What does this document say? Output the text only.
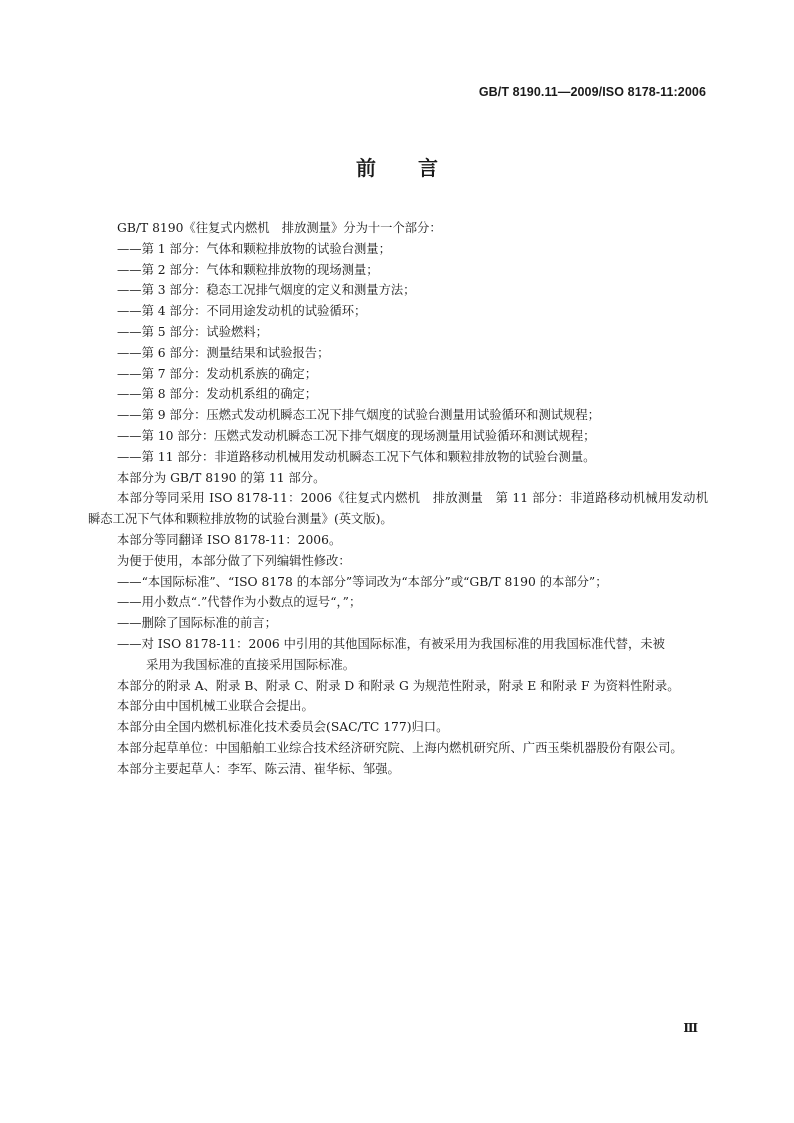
GB/T 8190.11—2009/ISO 8178-11:2006
前 言
GB/T 8190《往复式内燃机　排放测量》分为十一个部分：
——第 1 部分：气体和颗粒排放物的试验台测量；
——第 2 部分：气体和颗粒排放物的现场测量；
——第 3 部分：稳态工况排气烟度的定义和测量方法；
——第 4 部分：不同用途发动机的试验循环；
——第 5 部分：试验燃料；
——第 6 部分：测量结果和试验报告；
——第 7 部分：发动机系族的确定；
——第 8 部分：发动机系组的确定；
——第 9 部分：压燃式发动机瞬态工况下排气烟度的试验台测量用试验循环和测试规程；
——第 10 部分：压燃式发动机瞬态工况下排气烟度的现场测量用试验循环和测试规程；
——第 11 部分：非道路移动机械用发动机瞬态工况下气体和颗粒排放物的试验台测量。
本部分为 GB/T 8190 的第 11 部分。
本部分等同采用 ISO 8178-11：2006《往复式内燃机　排放测量　第 11 部分：非道路移动机械用发动机瞬态工况下气体和颗粒排放物的试验台测量》(英文版)。
本部分等同翻译 ISO 8178-11：2006。
为便于使用，本部分做了下列编辑性修改：
——“本国际标准”、“ISO 8178 的本部分”等词改为“本部分”或“GB/T 8190 的本部分”；
——用小数点“.”代替作为小数点的逗号“，”；
——删除了国际标准的前言；
——对 ISO 8178-11：2006 中引用的其他国际标准，有被采用为我国标准的用我国标准代替，未被
采用为我国标准的直接采用国际标准。
本部分的附录 A、附录 B、附录 C、附录 D 和附录 G 为规范性附录，附录 E 和附录 F 为资料性附录。
本部分由中国机械工业联合会提出。
本部分由全国内燃机标准化技术委员会(SAC/TC 177)归口。
本部分起草单位：中国船舶工业综合技术经济研究院、上海内燃机研究所、广西玉柴机器股份有限公司。
本部分主要起草人：李军、陈云清、崔华标、邹强。
Ⅲ
